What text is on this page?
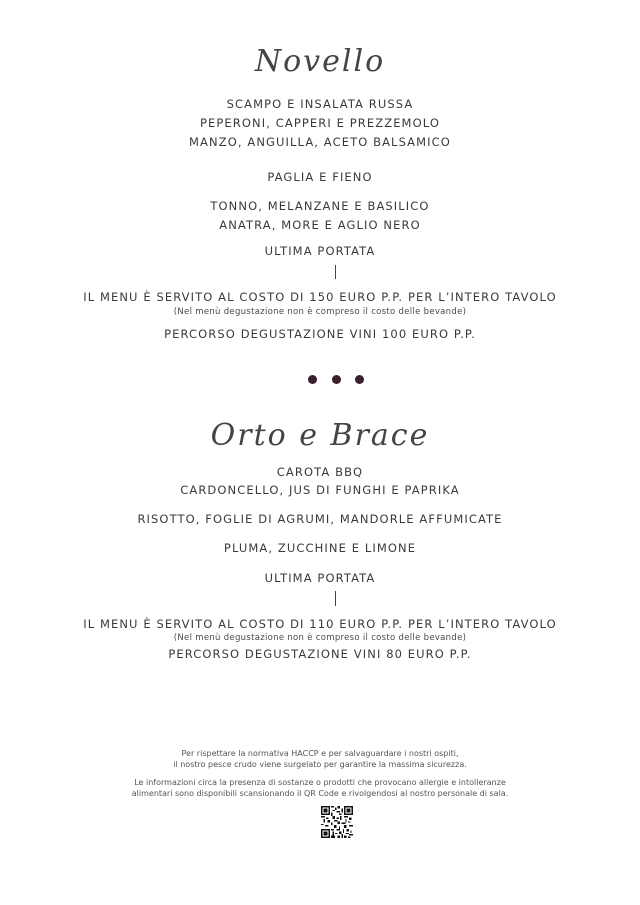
Novello
SCAMPO E INSALATA RUSSA
PEPERONI, CAPPERI E PREZZEMOLO
MANZO, ANGUILLA, ACETO BALSAMICO
PAGLIA E FIENO
TONNO, MELANZANE E BASILICO
ANATRA, MORE E AGLIO NERO
ULTIMA PORTATA
IL MENU È SERVITO AL COSTO DI 150 EURO P.P. PER L’INTERO TAVOLO
(Nel menù degustazione non è compreso il costo delle bevande)
PERCORSO DEGUSTAZIONE VINI 100 EURO P.P.
Orto e Brace
CAROTA BBQ
CARDONCELLO, JUS DI FUNGHI E PAPRIKA
RISOTTO, FOGLIE DI AGRUMI, MANDORLE AFFUMICATE
PLUMA, ZUCCHINE E LIMONE
ULTIMA PORTATA
IL MENU È SERVITO AL COSTO DI 110 EURO P.P. PER L’INTERO TAVOLO
(Nel menù degustazione non è compreso il costo delle bevande)
PERCORSO DEGUSTAZIONE VINI 80 EURO P.P.
Per rispettare la normativa HACCP e per salvaguardare i nostri ospiti,
il nostro pesce crudo viene surgelato per garantire la massima sicurezza.
Le informazioni circa la presenza di sostanze o prodotti che provocano allergie e intolleranze
alimentari sono disponibili scansionando il QR Code e rivolgendosi al nostro personale di sala.
